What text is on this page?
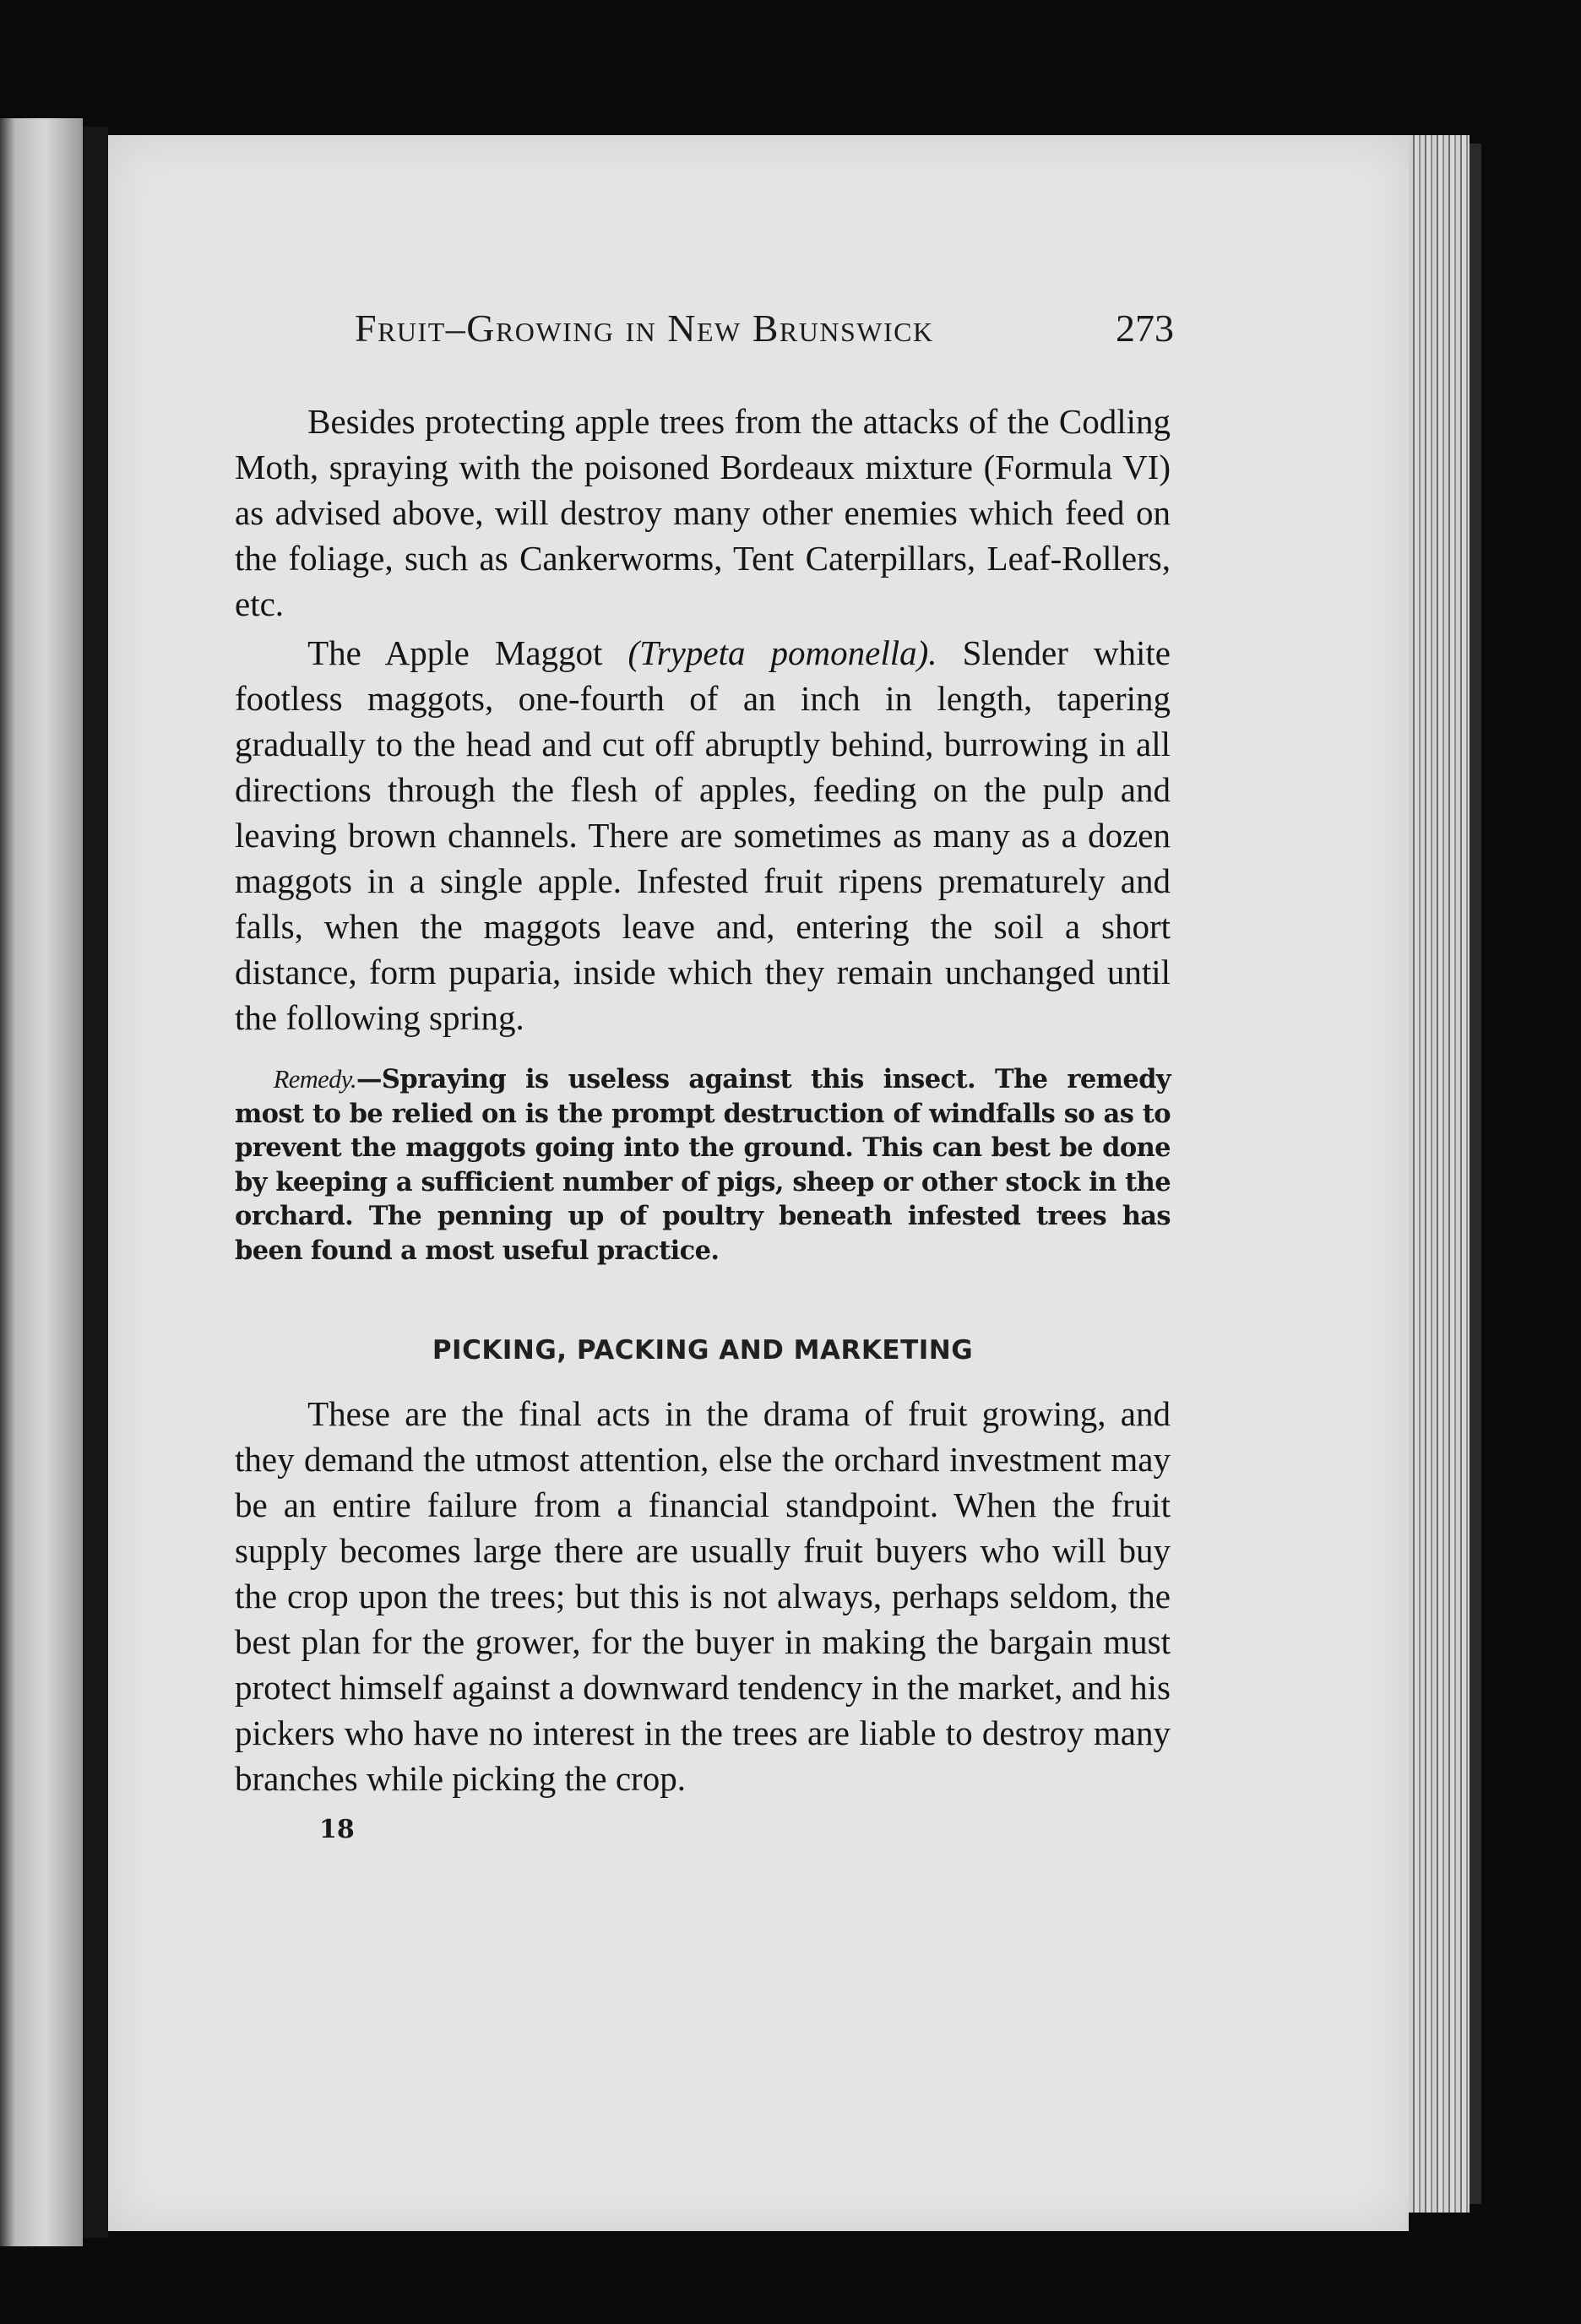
Fruit–Growing in New Brunswick	273

Besides protecting apple trees from the attacks of the Codling Moth, spraying with the poisoned Bordeaux mixture (Formula VI) as advised above, will destroy many other enemies which feed on the foliage, such as Cankerworms, Tent Caterpillars, Leaf-Rollers, etc.

The Apple Maggot (Trypeta pomonella). Slender white footless maggots, one-fourth of an inch in length, tapering gradually to the head and cut off abruptly behind, burrowing in all directions through the flesh of apples, feeding on the pulp and leaving brown channels. There are sometimes as many as a dozen maggots in a single apple. Infested fruit ripens prematurely and falls, when the maggots leave and, entering the soil a short distance, form puparia, inside which they remain unchanged until the following spring.

Remedy.—Spraying is useless against this insect. The remedy most to be relied on is the prompt destruction of windfalls so as to prevent the maggots going into the ground. This can best be done by keeping a sufficient number of pigs, sheep or other stock in the orchard. The penning up of poultry beneath infested trees has been found a most useful practice.

PICKING, PACKING AND MARKETING

These are the final acts in the drama of fruit growing, and they demand the utmost attention, else the orchard investment may be an entire failure from a financial standpoint. When the fruit supply becomes large there are usually fruit buyers who will buy the crop upon the trees; but this is not always, perhaps seldom, the best plan for the grower, for the buyer in making the bargain must protect himself against a downward tendency in the market, and his pickers who have no interest in the trees are liable to destroy many branches while picking the crop.

18
